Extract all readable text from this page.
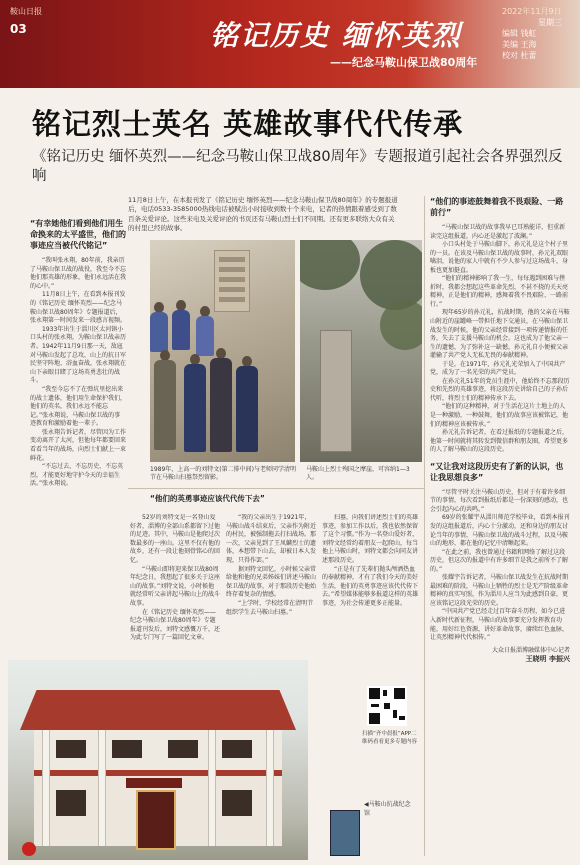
鞍山日报
03	铭记历史 缅怀英烈
——纪念马鞍山保卫战80周年
2022年11月9日
星期三
编辑 钱虹
美编 王海
校对 杜蕾
铭记烈士英名 英雄故事代代传承
《铭记历史 缅怀英烈——纪念马鞍山保卫战80周年》专题报道引起社会各界强烈反响
11月8日上午，在本报刊发了《铭记历史 缅怀英烈——纪念马鞍山保卫战80周年》的专题报道后，电话0533-3585000热线电话被赋出小时接收到数十个来电，记者的热情跟着感受到了数百条关爱评论。这些来电及关爱评论的书页还有马鞍山烈士们不同期。还有更多联络大众有关的村里已经的故事。
“有幸她他们看到他们用生命换来的太平盛世，他们的事迹应当被代代铭记”

“我叫张永翔，80年前，我亲历了马鞍山保卫战的战役，我至今不忘他们那英雄的形象，他们永远活在我的心中。”

11月8日上午，在看到本报刊发的《铭记历史 缅怀英烈——纪念马鞍山保卫战80周年》专题报道后，张永翔第一时间发来一段感言视频。

1933年出生于淄川区太河镇小口头村的张永翔，为鞍山保卫战亲历者。1942年11月9日那一天，敌寇对马鞍山发起了总攻，山上的抗日军民坚守阵地、浴血奋战，张永翔就在山下亲眼目睹了这场英勇悲壮的战斗。

“我至今忘不了在弹坑里挖出来的战士遗体，他们用生命保护我们，他们的英名，我们永远不能忘记。”张永翔说，马鞍山保卫战的事迹教育和激励着他一辈子。

张永翔告诉记者，尽管因为工作变动离开了太河，但他每年都要回来看看当年的战场，向烈士们献上一束鲜花。

“不忘过去，不忘历史，不忘英烈，才能更好地守护今天的幸福生活。”张永翔说。

1989年，上高一的刘特文(第二排中间)与老师同学清明节在马鞍山扫墓祭烈留影。
马鞍山上烈士殉国之摩崖，可容纳1—3人。
“他们的英勇事迹应该代代传下去”

52岁的刘特文是一名登山爱好者，淄博的全部山系都留下过他的足迹。其中，马鞍山是他爬过次数最多的一座山。这里不仅有他的故乡，还有一段让他刻骨铭心的回忆。

“马鞍山即将迎来保卫战80周年纪念日，我想起了很多关于这座山的故事。”刘特文说，小时候他就经常听父亲讲起马鞍山上的战斗故事。

在《铭记历史 缅怀英烈——纪念马鞍山保卫战80周年》专题报道刊发后，刘特文感慨万千，还为此专门写了一篇回忆文章。

“我的父亲出生于1921年，马鞍山战斗结束后，父亲作为附近的村民，被强制拖去打扫战场。那一次，父亲见到了王凤麟烈士的遗体，本想带下山去，却被日本人发现，只得作罢。”

据刘特文回忆，小时候父亲常给他和他的兄弟姊妹们讲述马鞍山保卫战的故事，对于那段历史他始终存着复杂的情感。

“上学时，学校经常在清明节组织学生去马鞍山扫墓。”

扫墓，向我们讲述烈士们的英雄事迹，参加工作以后，我也依然保留了这个习惯。”作为一名登山爱好者，刘特文经常约着朋友一起爬山，每当他上马鞍山时，刘特文都会向同友讲述那段历史。

“正是有了先辈们抛头颅洒热血的奉献精神，才有了我们今天的美好生活，他们的英勇事迹应该代代传下去。”希望媒体能够多报道这样的英雄事迹，为社会传递更多正能量。

扫描“齐中晨报”APP二维码看看更多专题内容
◀马鞍山抗战纪念馆
“他们的事迹鼓舞着我不畏艰险、一路前行”

“马鞍山保卫战的故事我早已耳熟能详，但重新读完这组报道，内心还是激起了波澜。”

小口头村处于马鞍山脚下，孙元礼是这个村子里的一员。在该及马鞍山保卫战的故事时，孙元礼双眼噙泪，说他的家人中就有不少人参与过这场战斗，身板也更加挺直。

“他们的精神影响了我一生，每每遇到困难与挫折时，我都会想起这些革命先烈，不甚不挠的关天亮精神，正是他们的精神，感舞着我不畏艰险、一路前行。”

现年65岁的孙元礼，抗战时期，他的父亲在马鞍山附近的崖罐峰一带担任地下交通员，在马鞍山保卫战发生的时候，他的父亲经常接到一项传递情报的任务，失去了支援马鞍山的机会。这也成为了他父亲一生的遗憾，为了弥补这一缺憾，孙元礼自小便被父亲灌输了共产党人无私无畏的奉献精神。

于是，在1971年，孙元礼光荣加入了中国共产党，成为了一名光荣的共产党员。

在孙元礼51年的党员生涯中，他始终不忘那段历史和先烈的英雄事迹，将这段历史讲给自己的子孙后代听，将烈士们的精神传承下去。

“他们的这种精神，对于生活在这片土地上的人是一种激励，一种鼓舞，他们的故事应该被铭记，他们的精神应该被传承。”

孙元礼告诉记者，在看过报纸的专题报道之后，他第一时间就将其转发到微信群和朋友圈，希望更多的人了解马鞍山的这段历史。

“又让我对这段历史有了新的认识，也让我思想良多”

“尽管平时关注马鞍山历史，但对于有着许多细节的事情，每次看到报纸后都是一份深刻的感动，也会引起内心的共鸣。”

69岁的张耀宇从淄川师范学校毕业，看到本报刊发的这组报道后，内心十分激动，还和身边的朋友讨论当年的事情，马鞍山保卫战的战斗过程，以及马鞍山的地形，都在他的记忆中清晰起来。

“在此之前，我也曾通过书籍和网络了解过这段历史，但这次的报道中有许多细节是我之前所不了解的。”

张耀宇告诉记者，马鞍山保卫战发生在抗战时期最困难的阶段，马鞍山上牺牲的烈士是无产阶级革命精神的真实写照，作为淄川人应当为此感到自豪，更应该铭记这段光荣的历史。

“中国共产党已经走过百年奋斗历程，如今已进入新时代新征程，马鞍山的故事要充分发挥教育功能，用好红色资源，讲好革命故事，赓续红色血脉，让英烈精神代代相传。”

大众日报淄博融媒体中心记者
王晓明 李振兴
